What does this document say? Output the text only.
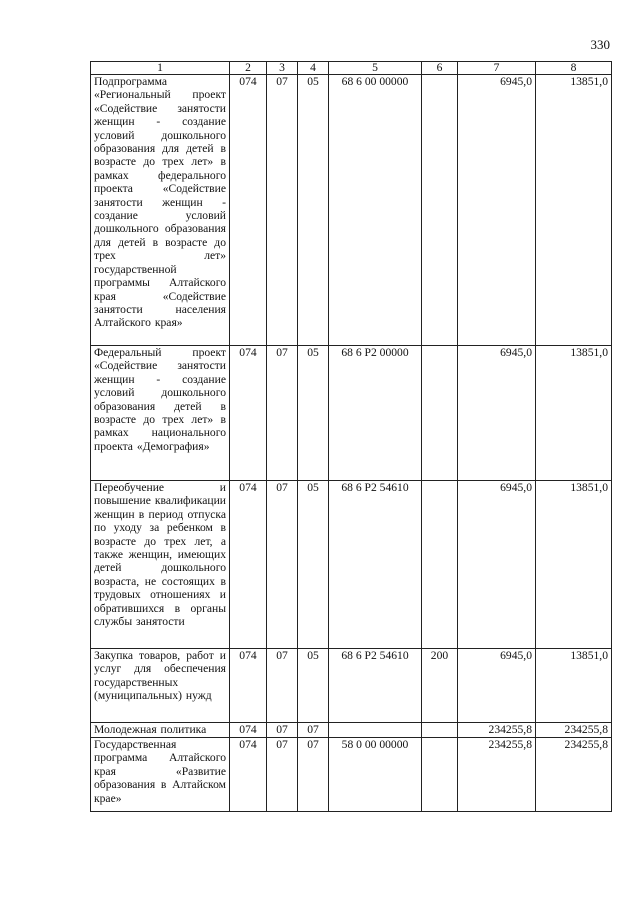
330
1	2	3	4	5	6	7	8
Подпрограмма «Региональный проект «Содействие занятости женщин - создание условий дошкольного образования для детей в возрасте до трех лет» в рамках федерального проекта «Содействие занятости женщин - создание условий дошкольного образования для детей в возрасте до трех лет» государственной программы Алтайского края «Содействие занятости населения Алтайского края»	074	07	05	68 6 00 00000		6945,0	13851,0
Федеральный проект «Содействие занятости женщин - создание условий дошкольного образования детей в возрасте до трех лет» в рамках национального проекта «Демография»	074	07	05	68 6 P2 00000		6945,0	13851,0
Переобучение и повышение квалификации женщин в период отпуска по уходу за ребенком в возрасте до трех лет, а также женщин, имеющих детей дошкольного возраста, не состоящих в трудовых отношениях и обратившихся в органы службы занятости	074	07	05	68 6 P2 54610		6945,0	13851,0
Закупка товаров, работ и услуг для обеспечения государственных (муниципальных) нужд	074	07	05	68 6 P2 54610	200	6945,0	13851,0
Молодежная политика	074	07	07			234255,8	234255,8
Государственная программа Алтайского края «Развитие образования в Алтайском крае»	074	07	07	58 0 00 00000		234255,8	234255,8
